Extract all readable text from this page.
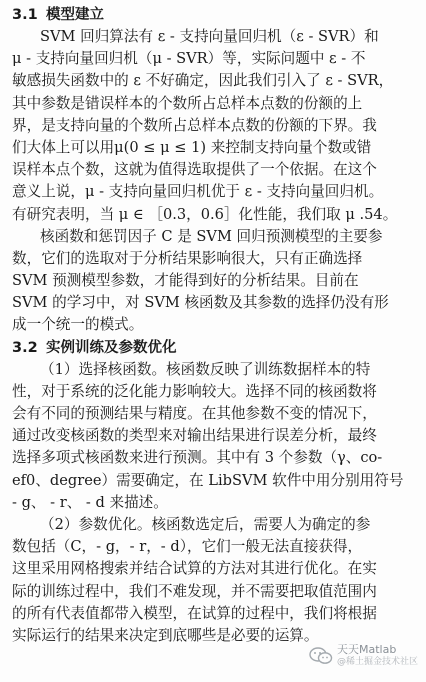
3.1 模型建立
SVM 回归算法有 ε - 支持向量回归机（ε - SVR）和
μ - 支持向量回归机（μ - SVR）等，实际问题中 ε - 不
敏感损失函数中的 ε 不好确定，因此我们引入了 ε - SVR，
其中参数是错误样本的个数所占总样本点数的份额的上
界，是支持向量的个数所占总样本点数的份额的下界。我
们大体上可以用μ(0 ≤ μ ≤ 1) 来控制支持向量个数或错
误样本点个数，这就为值得选取提供了一个依据。在这个
意义上说，μ - 支持向量回归机优于 ε - 支持向量回归机。
有研究表明，当 μ ∈ ［0.3，0.6］化性能，我们取 μ .54。
核函数和惩罚因子 C 是 SVM 回归预测模型的主要参
数，它们的选取对于分析结果影响很大，只有正确选择
SVM 预测模型参数，才能得到好的分析结果。目前在
SVM 的学习中，对 SVM 核函数及其参数的选择仍没有形
成一个统一的模式。
3.2 实例训练及参数优化
（1）选择核函数。核函数反映了训练数据样本的特
性，对于系统的泛化能力影响较大。选择不同的核函数将
会有不同的预测结果与精度。在其他参数不变的情况下，
通过改变核函数的类型来对输出结果进行误差分析，最终
选择多项式核函数来进行预测。其中有 3 个参数（γ、co-
ef0、degree）需要确定，在 LibSVM 软件中用分别用符号
- g、 - r、 - d 来描述。
（2）参数优化。核函数选定后，需要人为确定的参
数包括（C，- g，- r，- d），它们一般无法直接获得，
这里采用网格搜索并结合试算的方法对其进行优化。在实
际的训练过程中，我们不难发现，并不需要把取值范围内
的所有代表值都带入模型，在试算的过程中，我们将根据
实际运行的结果来决定到底哪些是必要的运算。
天天Matlab
@稀土掘金技术社区
